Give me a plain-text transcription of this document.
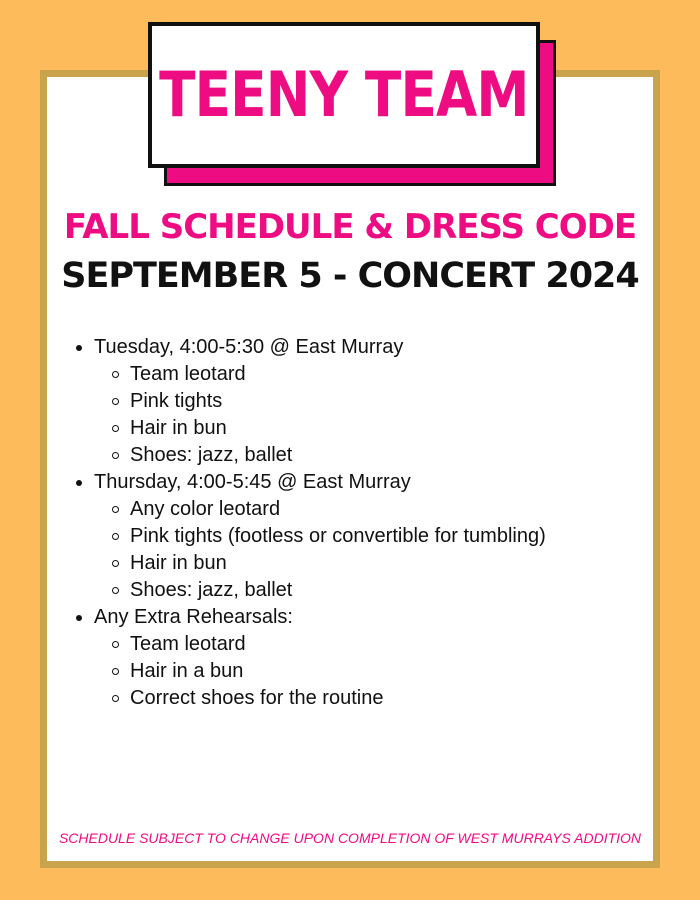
TEENY TEAM
FALL SCHEDULE & DRESS CODE
SEPTEMBER 5 - CONCERT 2024
Tuesday, 4:00-5:30 @ East Murray
Team leotard
Pink tights
Hair in bun
Shoes: jazz, ballet
Thursday, 4:00-5:45 @ East Murray
Any color leotard
Pink tights (footless or convertible for tumbling)
Hair in bun
Shoes: jazz, ballet
Any Extra Rehearsals:
Team leotard
Hair in a bun
Correct shoes for the routine
SCHEDULE SUBJECT TO CHANGE UPON COMPLETION OF WEST MURRAYS ADDITION
